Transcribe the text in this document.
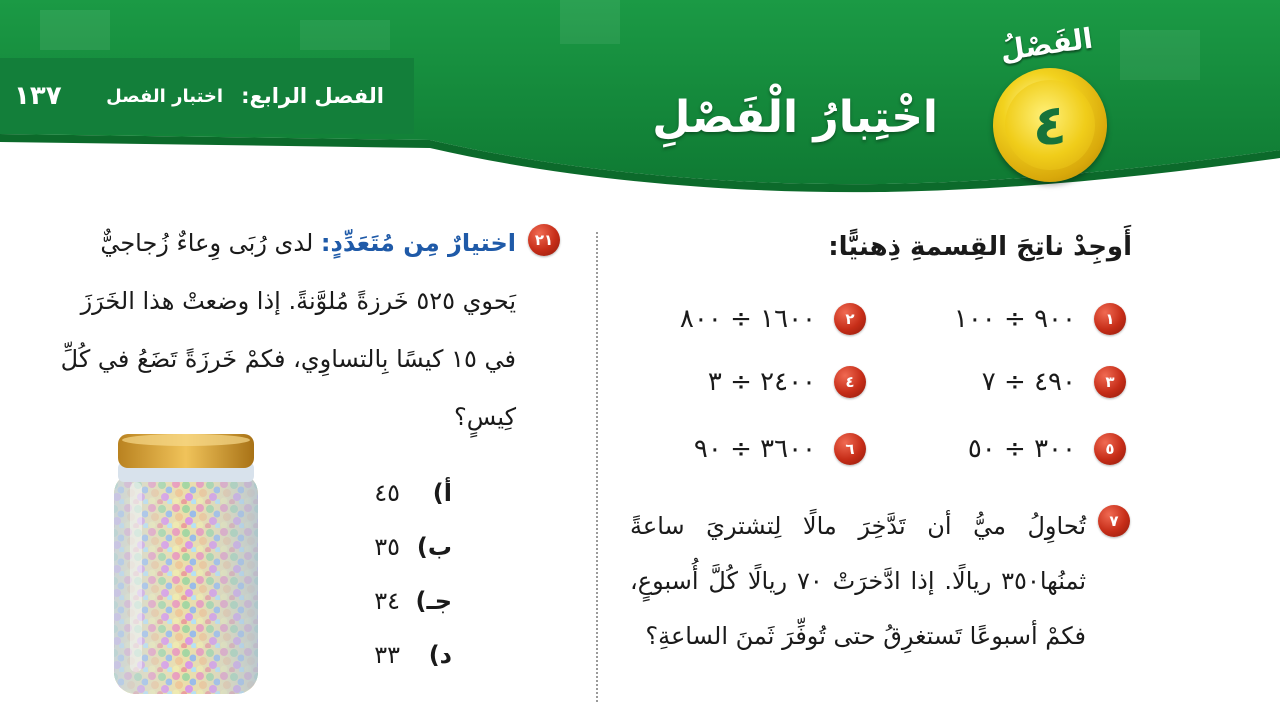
الفصل الرابع:
اختبار الفصل
١٣٧	اخْتِبارُ الْفَصْلِ
الفَصْلُ
٤
أَوجِدْ ناتِجَ القِسمةِ ذِهنيًّا:
١
٩٠٠ ÷ ١٠٠
٢
١٦٠٠ ÷ ٨٠٠
٣
٤٩٠ ÷ ٧
٤
٢٤٠٠ ÷ ٣
٥
٣٠٠ ÷ ٥٠
٦
٣٦٠٠ ÷ ٩٠
٧
تُحاوِلُ ميُّ أن تَدَّخِرَ مالًا لِتشتريَ ساعةً ثمنُها٣٥٠ ريالًا. إذا ادَّخرَتْ ٧٠ ريالًا كُلَّ أُسبوعٍ، فكمْ أسبوعًا تَستغرِقُ حتى تُوفِّرَ ثَمنَ الساعةِ؟
٢١
اختيارٌ مِن مُتَعَدِّدٍ: لدى رُبَى وِعاءٌ زُجاجيٌّ يَحوي ٥٢٥ خَرزةً مُلوَّنةً. إذا وضعتْ هذا الخَرَزَ في ١٥ كيسًا بِالتساوِي، فكمْ خَرزَةً تَضَعُ في كُلِّ كِيسٍ؟
أ)
٤٥
ب)
٣٥
جـ)
٣٤
د)
٣٣
